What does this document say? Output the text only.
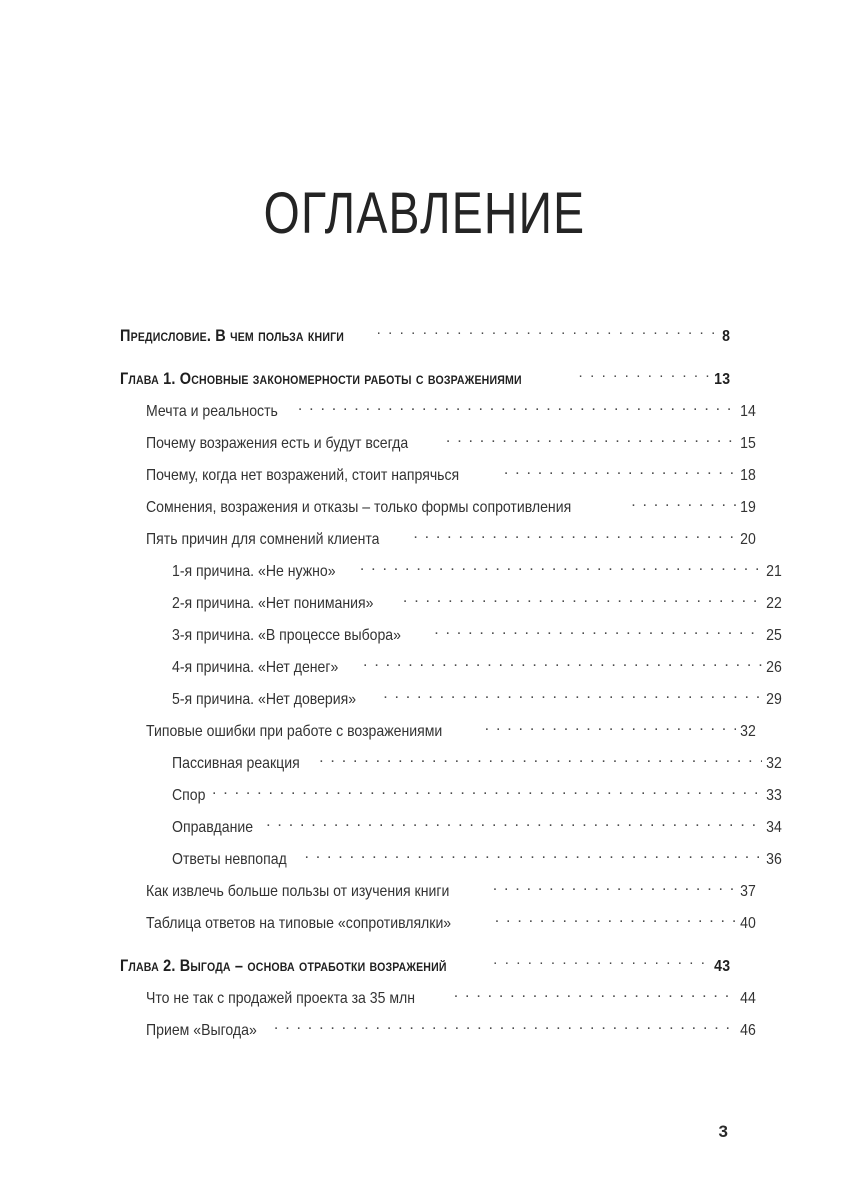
ОГЛАВЛЕНИЕ
Предисловие. В чем польза книги . . .	8
Глава 1. Основные закономерности работы с возражениями . . .	13
Мечта и реальность . . .	14
Почему возражения есть и будут всегда . . .	15
Почему, когда нет возражений, стоит напрячься . . .	18
Сомнения, возражения и отказы – только формы сопротивления . . .	19
Пять причин для сомнений клиента . . .	20
1-я причина. «Не нужно» . . .	21
2-я причина. «Нет понимания» . . .	22
3-я причина. «В процессе выбора» . . .	25
4-я причина. «Нет денег» . . .	26
5-я причина. «Нет доверия» . . .	29
Типовые ошибки при работе с возражениями . . .	32
Пассивная реакция . . .	32
Спор . . .	33
Оправдание . . .	34
Ответы невпопад . . .	36
Как извлечь больше пользы от изучения книги . . .	37
Таблица ответов на типовые «сопротивлялки» . . .	40
Глава 2. Выгода – основа отработки возражений . . .	43
Что не так с продажей проекта за 35 млн . . .	44
Прием «Выгода» . . .	46
3
